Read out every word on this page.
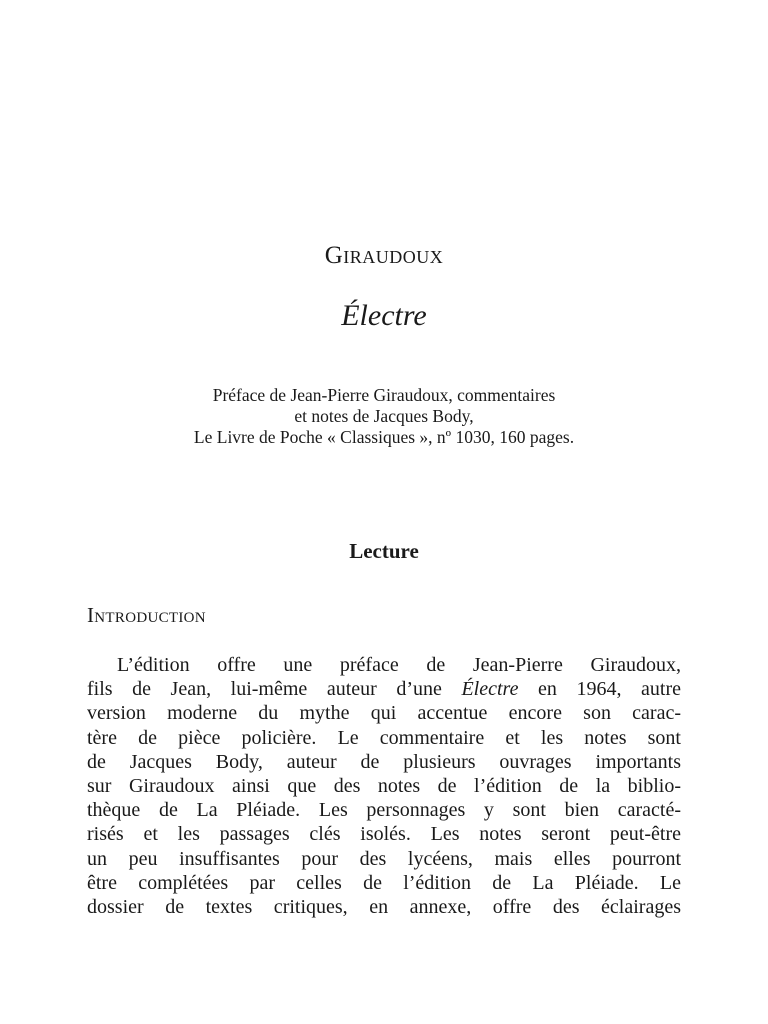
Giraudoux
Électre
Préface de Jean-Pierre Giraudoux, commentaires
et notes de Jacques Body,
Le Livre de Poche « Classiques », nº 1030, 160 pages.
Lecture
Introduction
L’édition offre une préface de Jean-Pierre Giraudoux,
fils de Jean, lui-même auteur d’une Électre en 1964, autre
version moderne du mythe qui accentue encore son carac-
tère de pièce policière. Le commentaire et les notes sont
de Jacques Body, auteur de plusieurs ouvrages importants
sur Giraudoux ainsi que des notes de l’édition de la biblio-
thèque de La Pléiade. Les personnages y sont bien caracté-
risés et les passages clés isolés. Les notes seront peut-être
un peu insuffisantes pour des lycéens, mais elles pourront
être complétées par celles de l’édition de La Pléiade. Le
dossier de textes critiques, en annexe, offre des éclairages
